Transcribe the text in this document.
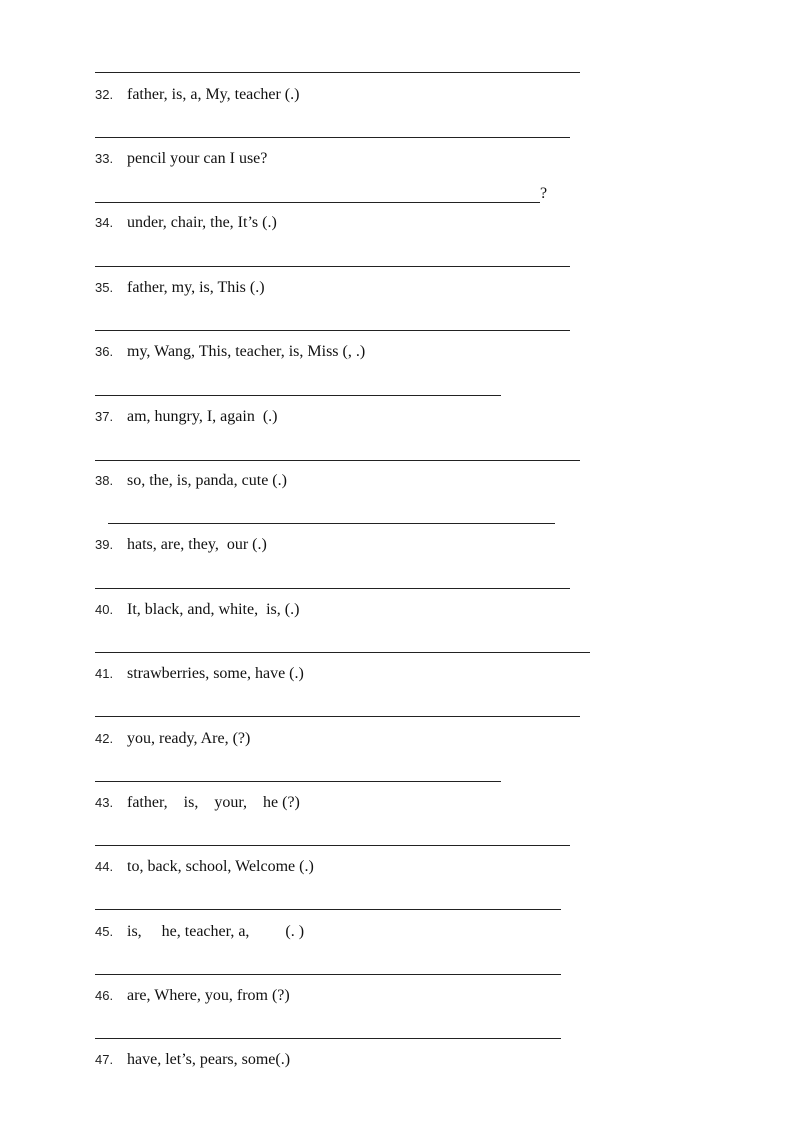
32. father, is, a, My, teacher (.)
33. pencil your can I use?
?
34. under, chair, the, It’s (.)
35. father, my, is, This (.)
36. my, Wang, This, teacher, is, Miss (, .)
37. am, hungry, I, again  (.)
38. so, the, is, panda, cute (.)
39. hats, are, they,  our (.)
40. It, black, and, white,  is, (.)
41. strawberries, some, have (.)
42. you, ready, Are, (?)
43. father,    is,    your,    he (?)
44. to, back, school, Welcome (.)
45. is,     he, teacher, a,         (. )
46. are, Where, you, from (?)
47. have, let’s, pears, some(.)
